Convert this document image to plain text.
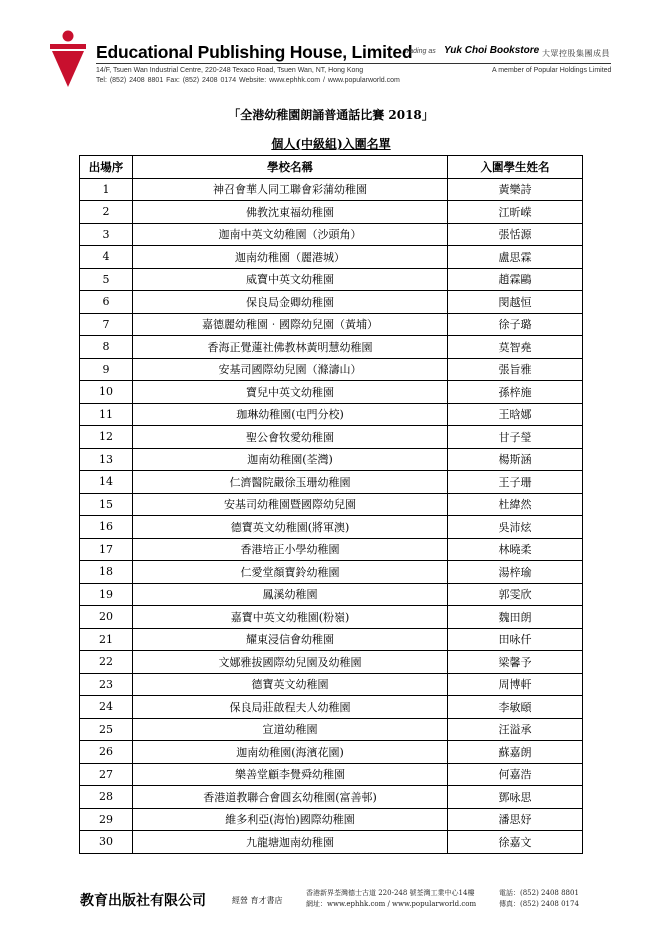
Educational Publishing House, Limited
trading as Yuk Choi Bookstore 大眾控股集團成員
14/F, Tsuen Wan Industrial Centre, 220-248 Texaco Road, Tsuen Wan, NT, Hong Kong
Tel: (852) 2408 8801 Fax: (852) 2408 0174 Website: www.ephhk.com / www.popularworld.com
A member of Popular Holdings Limited
「全港幼稚園朗誦普通話比賽 2018」
個人(中級組)入圍名單
出場序	學校名稱	入圍學生姓名
1	神召會華人同工聯會彩蒲幼稚園	黃樂詩
2	佛教沈東福幼稚園	江昕嵘
3	迦南中英文幼稚園（沙頭角）	張恬源
4	迦南幼稚園（麗港城）	盧思霖
5	威寶中英文幼稚園	趙霖鷗
6	保良局金卿幼稚園	閔越恒
7	嘉德麗幼稚園‧國際幼兒園（黃埔）	徐子璐
8	香海正覺蓮社佛教林黃明慧幼稚園	莫智堯
9	安基司國際幼兒園（滌濤山）	張旨雅
10	寶兒中英文幼稚園	孫梓施
11	珈琳幼稚園(屯門分校)	王晗娜
12	聖公會牧愛幼稚園	甘子瑩
13	迦南幼稚園(荃灣)	楊斯涵
14	仁濟醫院嚴徐玉珊幼稚園	王子珊
15	安基司幼稚園暨國際幼兒園	杜緯然
16	德寶英文幼稚園(將軍澳)	吳沛炫
17	香港培正小學幼稚園	林曉柔
18	仁愛堂顏寶鈴幼稚園	湯梓瑜
19	鳳溪幼稚園	郭雯欣
20	嘉寶中英文幼稚園(粉嶺)	魏田朗
21	耀東浸信會幼稚園	田咏仟
22	文娜雅拔國際幼兒園及幼稚園	梁馨予
23	德寶英文幼稚園	周博軒
24	保良局莊啟程夫人幼稚園	李敏頤
25	宣道幼稚園	汪溢承
26	迦南幼稚園(海濱花園)	蘇嘉朗
27	樂善堂顧李覺舜幼稚園	何嘉浩
28	香港道教聯合會圓玄幼稚園(富善邨)	鄧咏思
29	維多利亞(海怡)國際幼稚園	潘思妤
30	九龍塘迦南幼稚園	徐嘉文
教育出版社有限公司	經營 育才書店
香港新界荃灣德士古道 220-248 號荃灣工業中心14樓
網址：www.ephhk.com / www.popularworld.com
電話：(852) 2408 8801
傳真：(852) 2408 0174
